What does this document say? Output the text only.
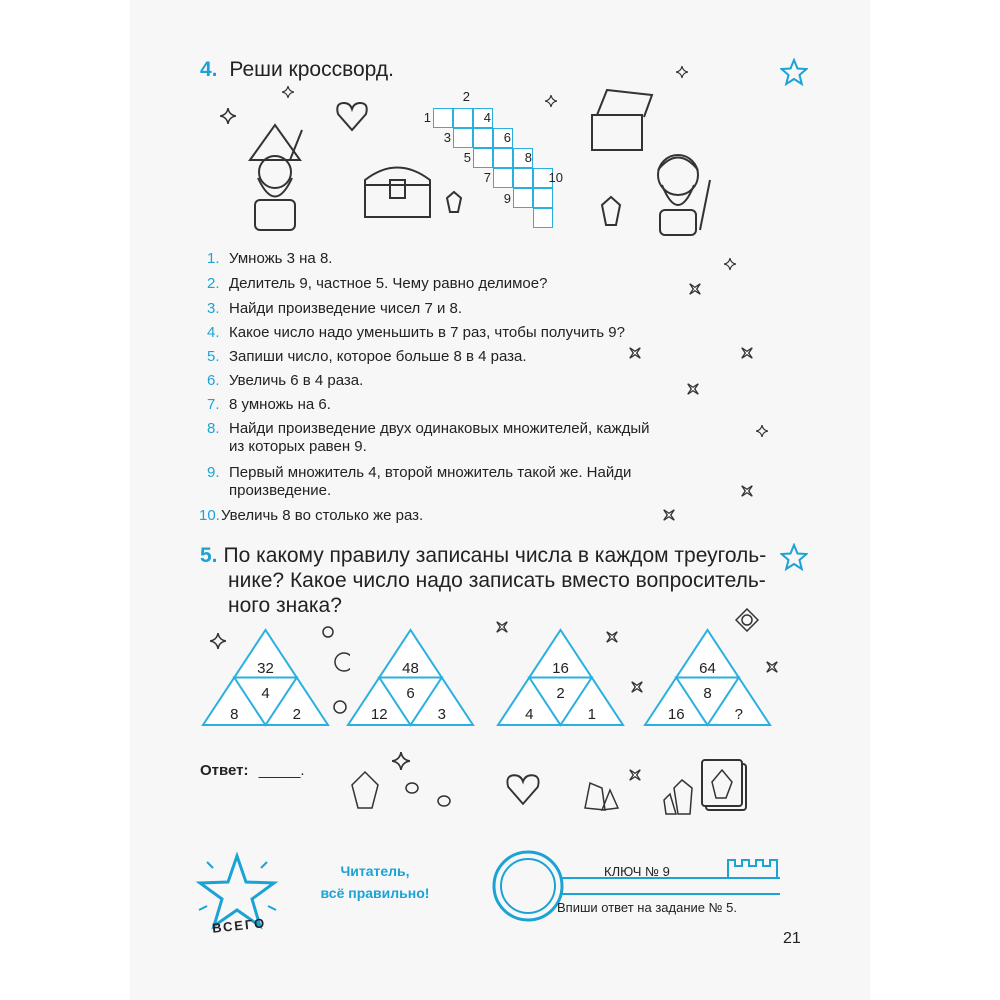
4. Реши кроссворд.
1
2
3
4
5
6
7
8
9
10
1. Умножь 3 на 8.
2. Делитель 9, частное 5. Чему равно делимое?
3. Найди произведение чисел 7 и 8.
4. Какое число надо уменьшить в 7 раз, чтобы получить 9?
5. Запиши число, которое больше 8 в 4 раза.
6. Увеличь 6 в 4 раза.
7. 8 умножь на 6.
8. Найди произведение двух одинаковых множителей, каждый
из которых равен 9.
9. Первый множитель 4, второй множитель такой же. Найди
произведение.
10.Увеличь 8 во столько же раз.
5. По какому правилу записаны числа в каждом треуголь-
нике? Какое число надо записать вместо вопроситель-
ного знака?
32
4
8	2
48
6
12	3
16
2
4	1
64
8
16	?
Ответ: _____.
ВСЕГО
Читатель,
всё правильно!
КЛЮЧ № 9
Впиши ответ на задание № 5.
21
